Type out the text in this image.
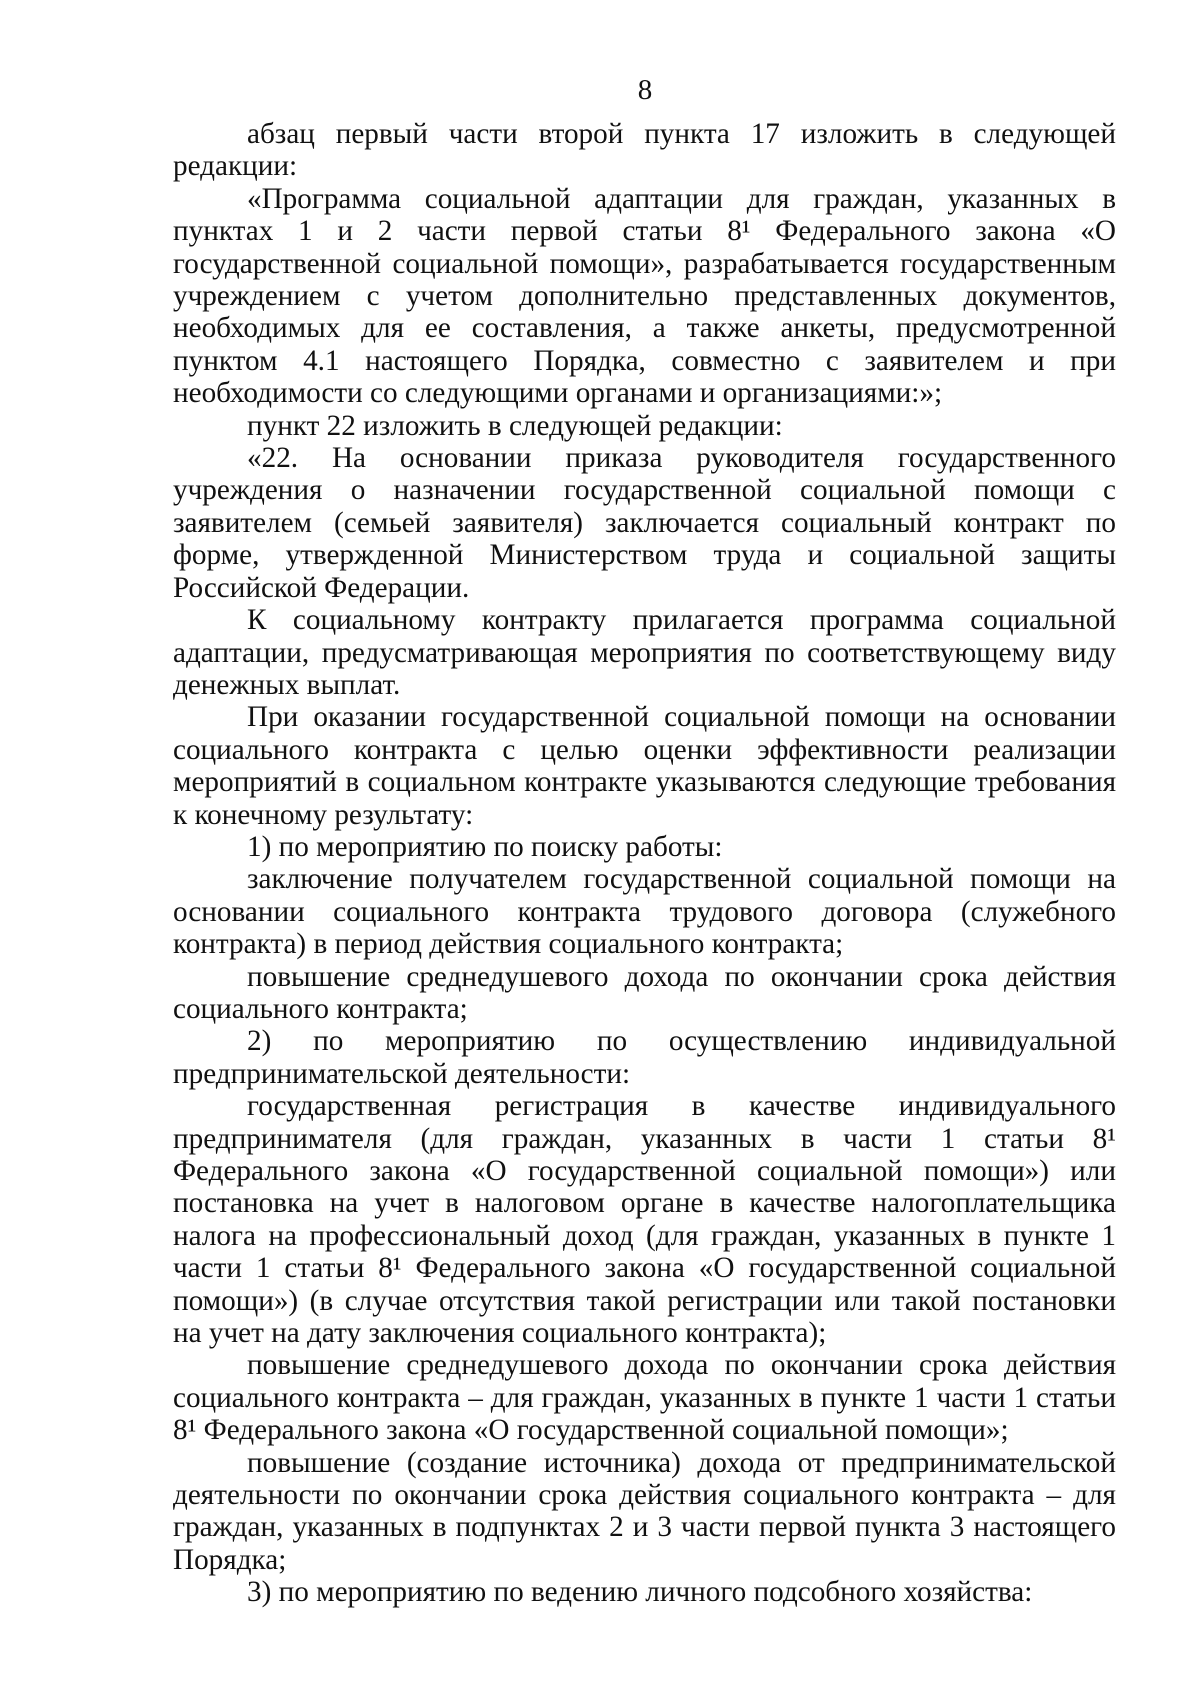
8

абзац первый части второй пункта 17 изложить в следующей редакции:

«Программа социальной адаптации для граждан, указанных в пунктах 1 и 2 части первой статьи 8¹ Федерального закона «О государственной социальной помощи», разрабатывается государственным учреждением с учетом дополнительно представленных документов, необходимых для ее составления, а также анкеты, предусмотренной пунктом 4.1 настоящего Порядка, совместно с заявителем и при необходимости со следующими органами и организациями:»;

пункт 22 изложить в следующей редакции:

«22. На основании приказа руководителя государственного учреждения о назначении государственной социальной помощи с заявителем (семьей заявителя) заключается социальный контракт по форме, утвержденной Министерством труда и социальной защиты Российской Федерации.

К социальному контракту прилагается программа социальной адаптации, предусматривающая мероприятия по соответствующему виду денежных выплат.

При оказании государственной социальной помощи на основании социального контракта с целью оценки эффективности реализации мероприятий в социальном контракте указываются следующие требования к конечному результату:

1) по мероприятию по поиску работы:

заключение получателем государственной социальной помощи на основании социального контракта трудового договора (служебного контракта) в период действия социального контракта;

повышение среднедушевого дохода по окончании срока действия социального контракта;

2) по мероприятию по осуществлению индивидуальной предпринимательской деятельности:

государственная регистрация в качестве индивидуального предпринимателя (для граждан, указанных в части 1 статьи 8¹ Федерального закона «О государственной социальной помощи») или постановка на учет в налоговом органе в качестве налогоплательщика налога на профессиональный доход (для граждан, указанных в пункте 1 части 1 статьи 8¹ Федерального закона «О государственной социальной помощи») (в случае отсутствия такой регистрации или такой постановки на учет на дату заключения социального контракта);

повышение среднедушевого дохода по окончании срока действия социального контракта – для граждан, указанных в пункте 1 части 1 статьи 8¹ Федерального закона «О государственной социальной помощи»;

повышение (создание источника) дохода от предпринимательской деятельности по окончании срока действия социального контракта – для граждан, указанных в подпунктах 2 и 3 части первой пункта 3 настоящего Порядка;

3) по мероприятию по ведению личного подсобного хозяйства:
